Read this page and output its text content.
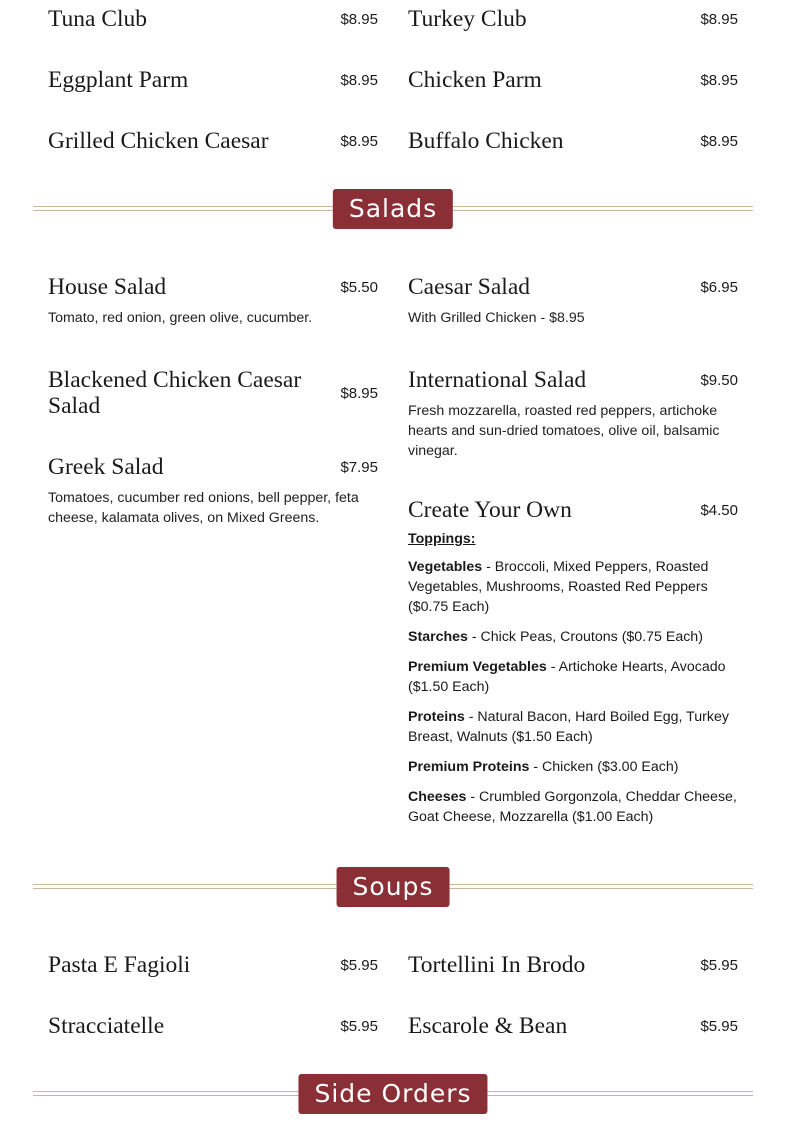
Tuna Club	$8.95 Turkey Club	$8.95
Eggplant Parm	$8.95 Chicken Parm	$8.95
Grilled Chicken Caesar	$8.95 Buffalo Chicken	$8.95
Salads
House Salad	$5.50
Tomato, red onion, green olive, cucumber.
Blackened Chicken Caesar Salad	$8.95
Greek Salad	$7.95
Tomatoes, cucumber red onions, bell pepper, feta cheese, kalamata olives, on Mixed Greens.
Caesar Salad	$6.95
With Grilled Chicken - $8.95
International Salad	$9.50
Fresh mozzarella, roasted red peppers, artichoke hearts and sun-dried tomatoes, olive oil, balsamic vinegar.
Create Your Own	$4.50
Toppings:
Vegetables - Broccoli, Mixed Peppers, Roasted Vegetables, Mushrooms, Roasted Red Peppers ($0.75 Each)
Starches - Chick Peas, Croutons ($0.75 Each)
Premium Vegetables - Artichoke Hearts, Avocado ($1.50 Each)
Proteins - Natural Bacon, Hard Boiled Egg, Turkey Breast, Walnuts ($1.50 Each)
Premium Proteins - Chicken ($3.00 Each)
Cheeses - Crumbled Gorgonzola, Cheddar Cheese, Goat Cheese, Mozzarella ($1.00 Each)
Soups
Pasta E Fagioli	$5.95 Tortellini In Brodo	$5.95
Stracciatelle	$5.95 Escarole & Bean	$5.95
Side Orders
